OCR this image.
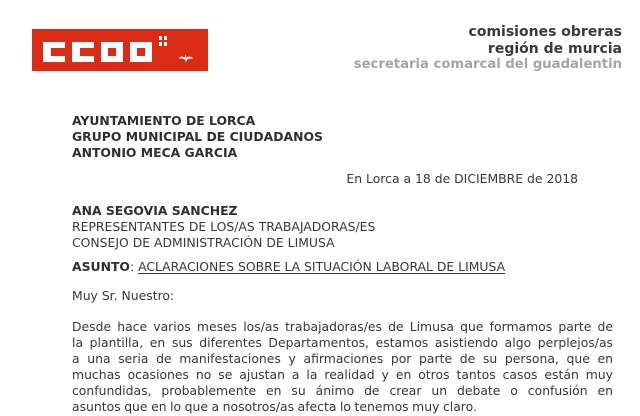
comisiones obreras
región de murcia
secretaria comarcal del guadalentin
AYUNTAMIENTO DE LORCA
GRUPO MUNICIPAL DE CIUDADANOS
ANTONIO MECA GARCIA
En Lorca a 18 de DICIEMBRE de 2018
ANA SEGOVIA SANCHEZ
REPRESENTANTES DE LOS/AS TRABAJADORAS/ES
CONSEJO DE ADMINISTRACIÓN DE LIMUSA
ASUNTO: ACLARACIONES SOBRE LA SITUACIÓN LABORAL DE LIMUSA
Muy Sr. Nuestro:
Desde hace varios meses los/as trabajadoras/es de Limusa que formamos parte de
la plantilla, en sus diferentes Departamentos, estamos asistiendo algo perplejos/as
a una seria de manifestaciones y afirmaciones por parte de su persona, que en
muchas ocasiones no se ajustan a la realidad y en otros tantos casos están muy
confundidas, probablemente en su ánimo de crear un debate o confusión en
asuntos que en lo que a nosotros/as afecta lo tenemos muy claro.
